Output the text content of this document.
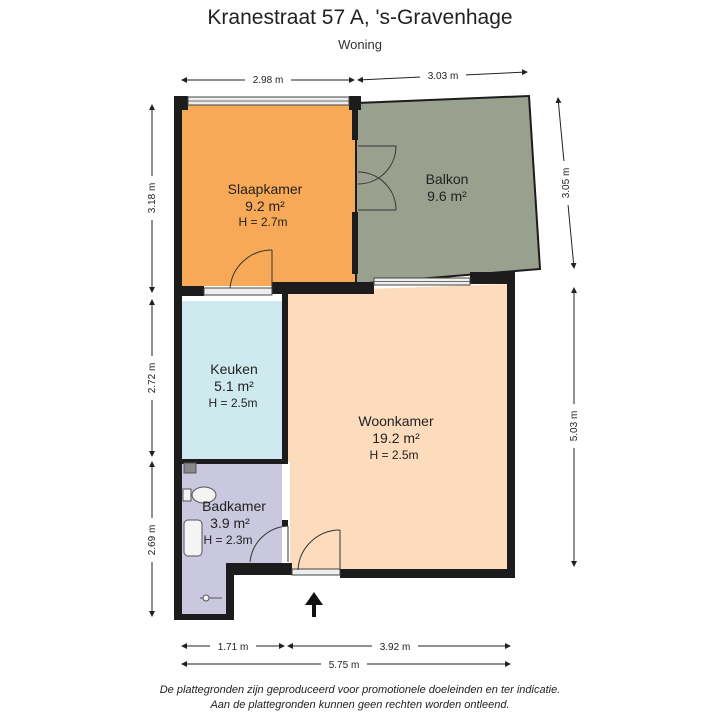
Kranestraat 57 A, 's-Gravenhage
Woning
Slaapkamer
9.2 m²
H = 2.7m
Balkon
9.6 m²
Keuken
5.1 m²
H = 2.5m
Woonkamer
19.2 m²
H = 2.5m
Badkamer
3.9 m²
H = 2.3m
2.98 m	3.03 m
3.18 m
2.72 m
2.69 m
3.05 m
5.03 m
1.71 m	3.92 m
5.75 m
De plattegronden zijn geproduceerd voor promotionele doeleinden en ter indicatie.
Aan de plattegronden kunnen geen rechten worden ontleend.
